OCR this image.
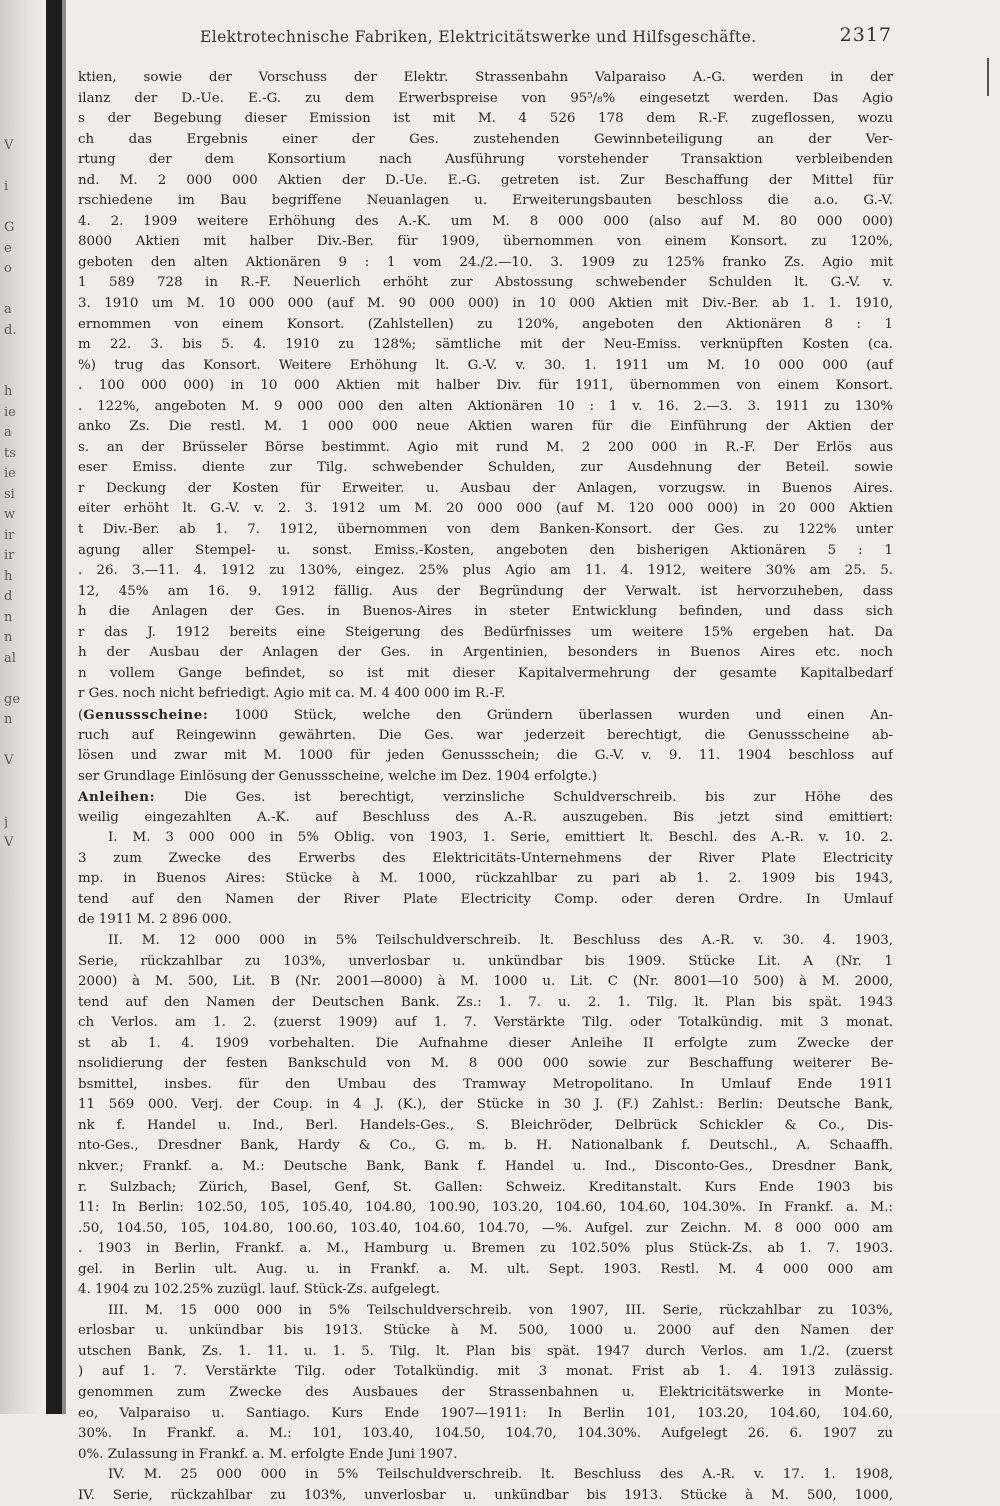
V
i
G
e
o
a
d.
h
ie
a
ts
ie
si
w
ir
ir
h
d
n
n
al
ge
n
V
j
V
Elektrotechnische Fabriken, Elektricitätswerke und Hilfsgeschäfte.	2317
ktien, sowie der Vorschuss der Elektr. Strassenbahn Valparaiso A.-G. werden in der
ilanz der D.-Ue. E.-G. zu dem Erwerbspreise von 95⁵/₈% eingesetzt werden. Das Agio
s der Begebung dieser Emission ist mit M. 4 526 178 dem R.-F. zugeflossen, wozu
ch das Ergebnis einer der Ges. zustehenden Gewinnbeteiligung an der Ver-
rtung der dem Konsortium nach Ausführung vorstehender Transaktion verbleibenden
nd. M. 2 000 000 Aktien der D.-Ue. E.-G. getreten ist. Zur Beschaffung der Mittel für
rschiedene im Bau begriffene Neuanlagen u. Erweiterungsbauten beschloss die a.o. G.-V.
4. 2. 1909 weitere Erhöhung des A.-K. um M. 8 000 000 (also auf M. 80 000 000)
8000 Aktien mit halber Div.-Ber. für 1909, übernommen von einem Konsort. zu 120%,
geboten den alten Aktionären 9 : 1 vom 24./2.—10. 3. 1909 zu 125% franko Zs. Agio mit
1 589 728 in R.-F. Neuerlich erhöht zur Abstossung schwebender Schulden lt. G.-V. v.
3. 1910 um M. 10 000 000 (auf M. 90 000 000) in 10 000 Aktien mit Div.-Ber. ab 1. 1. 1910,
ernommen von einem Konsort. (Zahlstellen) zu 120%, angeboten den Aktionären 8 : 1
m 22. 3. bis 5. 4. 1910 zu 128%; sämtliche mit der Neu-Emiss. verknüpften Kosten (ca.
%) trug das Konsort. Weitere Erhöhung lt. G.-V. v. 30. 1. 1911 um M. 10 000 000 (auf
. 100 000 000) in 10 000 Aktien mit halber Div. für 1911, übernommen von einem Konsort.
. 122%, angeboten M. 9 000 000 den alten Aktionären 10 : 1 v. 16. 2.—3. 3. 1911 zu 130%
anko Zs. Die restl. M. 1 000 000 neue Aktien waren für die Einführung der Aktien der
s. an der Brüsseler Börse bestimmt. Agio mit rund M. 2 200 000 in R.-F. Der Erlös aus
eser Emiss. diente zur Tilg. schwebender Schulden, zur Ausdehnung der Beteil. sowie
r Deckung der Kosten für Erweiter. u. Ausbau der Anlagen, vorzugsw. in Buenos Aires.
eiter erhöht lt. G.-V. v. 2. 3. 1912 um M. 20 000 000 (auf M. 120 000 000) in 20 000 Aktien
t Div.-Ber. ab 1. 7. 1912, übernommen von dem Banken-Konsort. der Ges. zu 122% unter
agung aller Stempel- u. sonst. Emiss.-Kosten, angeboten den bisherigen Aktionären 5 : 1
. 26. 3.—11. 4. 1912 zu 130%, eingez. 25% plus Agio am 11. 4. 1912, weitere 30% am 25. 5.
12, 45% am 16. 9. 1912 fällig. Aus der Begründung der Verwalt. ist hervorzuheben, dass
h die Anlagen der Ges. in Buenos-Aires in steter Entwicklung befinden, und dass sich
r das J. 1912 bereits eine Steigerung des Bedürfnisses um weitere 15% ergeben hat. Da
h der Ausbau der Anlagen der Ges. in Argentinien, besonders in Buenos Aires etc. noch
n vollem Gange befindet, so ist mit dieser Kapitalvermehrung der gesamte Kapitalbedarf
r Ges. noch nicht befriedigt. Agio mit ca. M. 4 400 000 im R.-F.
(Genussscheine: 1000 Stück, welche den Gründern überlassen wurden und einen An-
ruch auf Reingewinn gewährten. Die Ges. war jederzeit berechtigt, die Genussscheine ab-
lösen und zwar mit M. 1000 für jeden Genussschein; die G.-V. v. 9. 11. 1904 beschloss auf
ser Grundlage Einlösung der Genussscheine, welche im Dez. 1904 erfolgte.)
Anleihen: Die Ges. ist berechtigt, verzinsliche Schuldverschreib. bis zur Höhe des
weilig eingezahlten A.-K. auf Beschluss des A.-R. auszugeben. Bis jetzt sind emittiert:
I. M. 3 000 000 in 5% Oblig. von 1903, 1. Serie, emittiert lt. Beschl. des A.-R. v. 10. 2.
3 zum Zwecke des Erwerbs des Elektricitäts-Unternehmens der River Plate Electricity
mp. in Buenos Aires: Stücke à M. 1000, rückzahlbar zu pari ab 1. 2. 1909 bis 1943,
tend auf den Namen der River Plate Electricity Comp. oder deren Ordre. In Umlauf
de 1911 M. 2 896 000.
II. M. 12 000 000 in 5% Teilschuldverschreib. lt. Beschluss des A.-R. v. 30. 4. 1903,
Serie, rückzahlbar zu 103%, unverlosbar u. unkündbar bis 1909. Stücke Lit. A (Nr. 1
2000) à M. 500, Lit. B (Nr. 2001—8000) à M. 1000 u. Lit. C (Nr. 8001—10 500) à M. 2000,
tend auf den Namen der Deutschen Bank. Zs.: 1. 7. u. 2. 1. Tilg. lt. Plan bis spät. 1943
ch Verlos. am 1. 2. (zuerst 1909) auf 1. 7. Verstärkte Tilg. oder Totalkündig. mit 3 monat.
st ab 1. 4. 1909 vorbehalten. Die Aufnahme dieser Anleihe II erfolgte zum Zwecke der
nsolidierung der festen Bankschuld von M. 8 000 000 sowie zur Beschaffung weiterer Be-
bsmittel, insbes. für den Umbau des Tramway Metropolitano. In Umlauf Ende 1911
11 569 000. Verj. der Coup. in 4 J. (K.), der Stücke in 30 J. (F.) Zahlst.: Berlin: Deutsche Bank,
nk f. Handel u. Ind., Berl. Handels-Ges., S. Bleichröder, Delbrück Schickler & Co., Dis-
nto-Ges., Dresdner Bank, Hardy & Co., G. m. b. H. Nationalbank f. Deutschl., A. Schaaffh.
nkver.; Frankf. a. M.: Deutsche Bank, Bank f. Handel u. Ind., Disconto-Ges., Dresdner Bank,
r. Sulzbach; Zürich, Basel, Genf, St. Gallen: Schweiz. Kreditanstalt. Kurs Ende 1903 bis
11: In Berlin: 102.50, 105, 105.40, 104.80, 100.90, 103.20, 104.60, 104.60, 104.30%. In Frankf. a. M.:
.50, 104.50, 105, 104.80, 100.60, 103.40, 104.60, 104.70, —%. Aufgel. zur Zeichn. M. 8 000 000 am
. 1903 in Berlin, Frankf. a. M., Hamburg u. Bremen zu 102.50% plus Stück-Zs. ab 1. 7. 1903.
gel. in Berlin ult. Aug. u. in Frankf. a. M. ult. Sept. 1903. Restl. M. 4 000 000 am
4. 1904 zu 102.25% zuzügl. lauf. Stück-Zs. aufgelegt.
III. M. 15 000 000 in 5% Teilschuldverschreib. von 1907, III. Serie, rückzahlbar zu 103%,
erlosbar u. unkündbar bis 1913. Stücke à M. 500, 1000 u. 2000 auf den Namen der
utschen Bank, Zs. 1. 11. u. 1. 5. Tilg. lt. Plan bis spät. 1947 durch Verlos. am 1./2. (zuerst
) auf 1. 7. Verstärkte Tilg. oder Totalkündig. mit 3 monat. Frist ab 1. 4. 1913 zulässig.
genommen zum Zwecke des Ausbaues der Strassenbahnen u. Elektricitätswerke in Monte-
eo, Valparaiso u. Santiago. Kurs Ende 1907—1911: In Berlin 101, 103.20, 104.60, 104.60,
30%. In Frankf. a. M.: 101, 103.40, 104.50, 104.70, 104.30%. Aufgelegt 26. 6. 1907 zu
0%. Zulassung in Frankf. a. M. erfolgte Ende Juni 1907.
IV. M. 25 000 000 in 5% Teilschuldverschreib. lt. Beschluss des A.-R. v. 17. 1. 1908,
IV. Serie, rückzahlbar zu 103%, unverlosbar u. unkündbar bis 1913. Stücke à M. 500, 1000,
